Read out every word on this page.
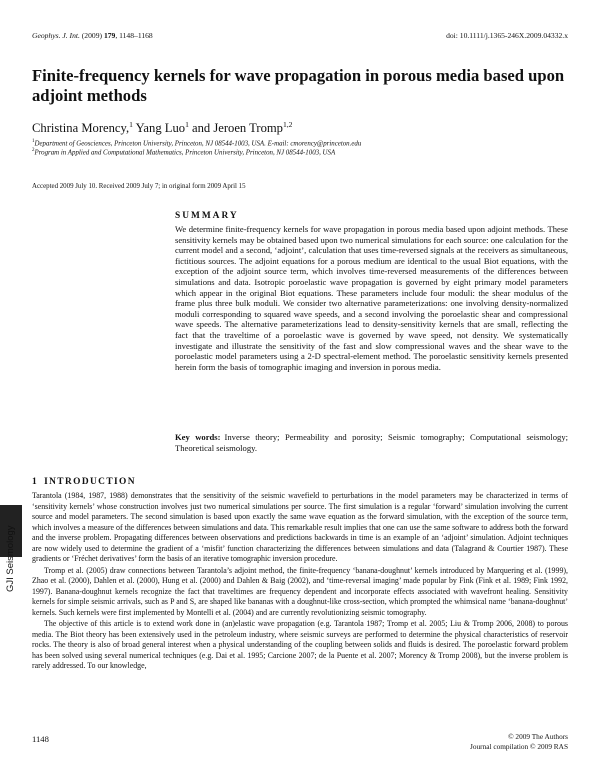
Geophys. J. Int. (2009) 179, 1148–1168	doi: 10.1111/j.1365-246X.2009.04332.x
Finite-frequency kernels for wave propagation in porous media based upon adjoint methods
Christina Morency,$^1$ Yang Luo$^1$ and Jeroen Tromp$^{1,2}$
$^1$Department of Geosciences, Princeton University, Princeton, NJ 08544-1003, USA. E-mail: cmorency@princeton.edu
$^2$Program in Applied and Computational Mathematics, Princeton University, Princeton, NJ 08544-1003, USA
Accepted 2009 July 10. Received 2009 July 7; in original form 2009 April 15
SUMMARY
We determine finite-frequency kernels for wave propagation in porous media based upon adjoint methods. These sensitivity kernels may be obtained based upon two numerical simulations for each source: one calculation for the current model and a second, ‘adjoint’, calculation that uses time-reversed signals at the receivers as simultaneous, fictitious sources. The adjoint equations for a porous medium are identical to the usual Biot equations, with the exception of the adjoint source term, which involves time-reversed measurements of the differences between simulations and data. Isotropic poroelastic wave propagation is governed by eight primary model parameters which appear in the original Biot equations. These parameters include four moduli: the shear modulus of the frame plus three bulk moduli. We consider two alternative parameterizations: one involving density-normalized moduli corresponding to squared wave speeds, and a second involving the poroelastic shear and compressional wave speeds. The alternative parameterizations lead to density-sensitivity kernels that are small, reflecting the fact that the traveltime of a poroelastic wave is governed by wave speed, not density. We systematically investigate and illustrate the sensitivity of the fast and slow compressional waves and the shear wave to the poroelastic model parameters using a 2-D spectral-element method. The poroelastic sensitivity kernels presented herein form the basis of tomographic imaging and inversion in porous media.
Key words: Inverse theory; Permeability and porosity; Seismic tomography; Computational seismology; Theoretical seismology.
GJI Seismology
1 INTRODUCTION

Tarantola (1984, 1987, 1988) demonstrates that the sensitivity of the seismic wavefield to perturbations in the model parameters may be characterized in terms of ‘sensitivity kernels’ whose construction involves just two numerical simulations per source. The first simulation is a regular ‘forward’ simulation involving the current source and model parameters. The second simulation is based upon exactly the same wave equation as the forward simulation, with the exception of the source term, which involves a measure of the differences between simulations and data. This remarkable result implies that one can use the same software to address both the forward and the inverse problem. Propagating differences between observations and predictions backwards in time is an example of an ‘adjoint’ simulation. Adjoint techniques are now widely used to determine the gradient of a ‘misfit’ function characterizing the differences between simulations and data (Talagrand & Courtier 1987). These gradients or ‘Fréchet derivatives’ form the basis of an iterative tomographic inversion procedure.

Tromp et al. (2005) draw connections between Tarantola’s adjoint method, the finite-frequency ‘banana-doughnut’ kernels introduced by Marquering et al. (1999), Zhao et al. (2000), Dahlen et al. (2000), Hung et al. (2000) and Dahlen & Baig (2002), and ‘time-reversal imaging’ made popular by Fink (Fink et al. 1989; Fink 1992, 1997). Banana-doughnut kernels recognize the fact that traveltimes are frequency dependent and incorporate effects associated with wavefront healing. Sensitivity kernels for simple seismic arrivals, such as P and S, are shaped like bananas with a doughnut-like cross-section, which prompted the whimsical name ‘banana-doughnut’ kernels. Such kernels were first implemented by Montelli et al. (2004) and are currently revolutionizing seismic tomography.

The objective of this article is to extend work done in (an)elastic wave propagation (e.g. Tarantola 1987; Tromp et al. 2005; Liu & Tromp 2006, 2008) to porous media. The Biot theory has been extensively used in the petroleum industry, where seismic surveys are performed to determine the physical characteristics of reservoir rocks. The theory is also of broad general interest when a physical understanding of the coupling between solids and fluids is desired. The poroelastic forward problem has been solved using several numerical techniques (e.g. Dai et al. 1995; Carcione 2007; de la Puente et al. 2007; Morency & Tromp 2008), but the inverse problem is rarely addressed. To our knowledge,

1148	© 2009 The Authors
Journal compilation © 2009 RAS
